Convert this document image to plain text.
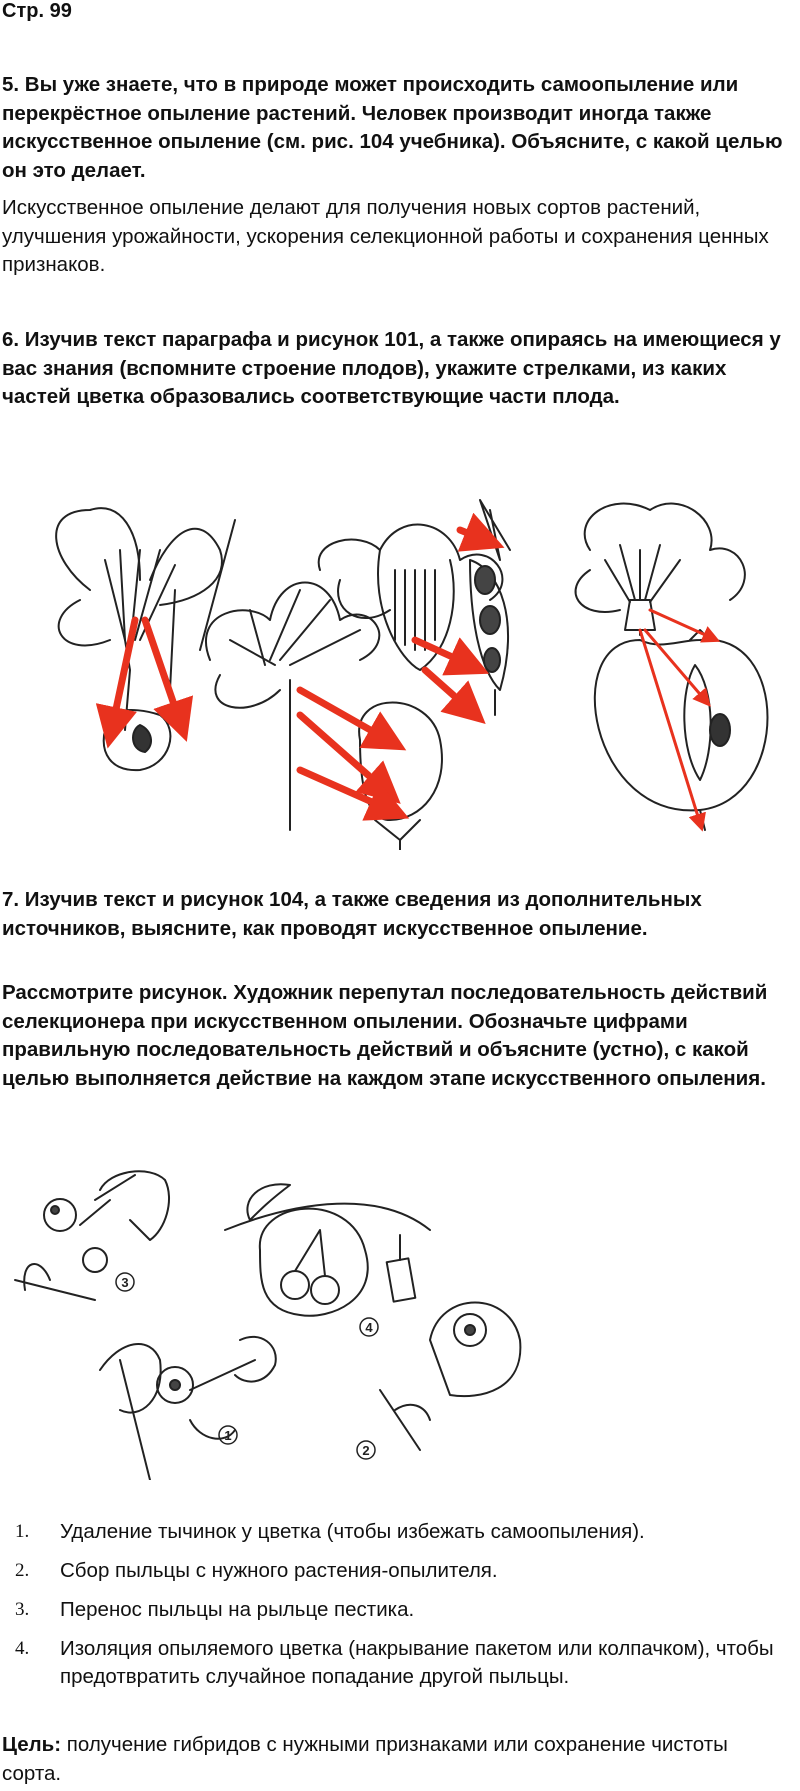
Стр. 99
5. Вы уже знаете, что в природе может происходить самоопыление или перекрёстное опыление растений. Человек производит иногда также искусственное опыление (см. рис. 104 учебника). Объясните, с какой целью он это делает.
Искусственное опыление делают для получения новых сортов растений, улучшения урожайности, ускорения селекционной работы и сохранения ценных признаков.
6. Изучив текст параграфа и рисунок 101, а также опираясь на имеющиеся у вас знания (вспомните строение плодов), укажите стрелками, из каких частей цветка образовались соответствующие части плода.
7. Изучив текст и рисунок 104, а также сведения из дополнительных источников, выясните, как проводят искусственное опыление.
Рассмотрите рисунок. Художник перепутал последовательность действий селекционера при искусственном опылении. Обозначьте цифрами правильную последовательность действий и объясните (устно), с какой целью выполняется действие на каждом этапе искусственного опыления.
3
4
1
2
1. Удаление тычинок у цветка (чтобы избежать самоопыления).
2. Сбор пыльцы с нужного растения-опылителя.
3. Перенос пыльцы на рыльце пестика.
4. Изоляция опыляемого цветка (накрывание пакетом или колпачком), чтобы предотвратить случайное попадание другой пыльцы.
Цель: получение гибридов с нужными признаками или сохранение чистоты сорта.
